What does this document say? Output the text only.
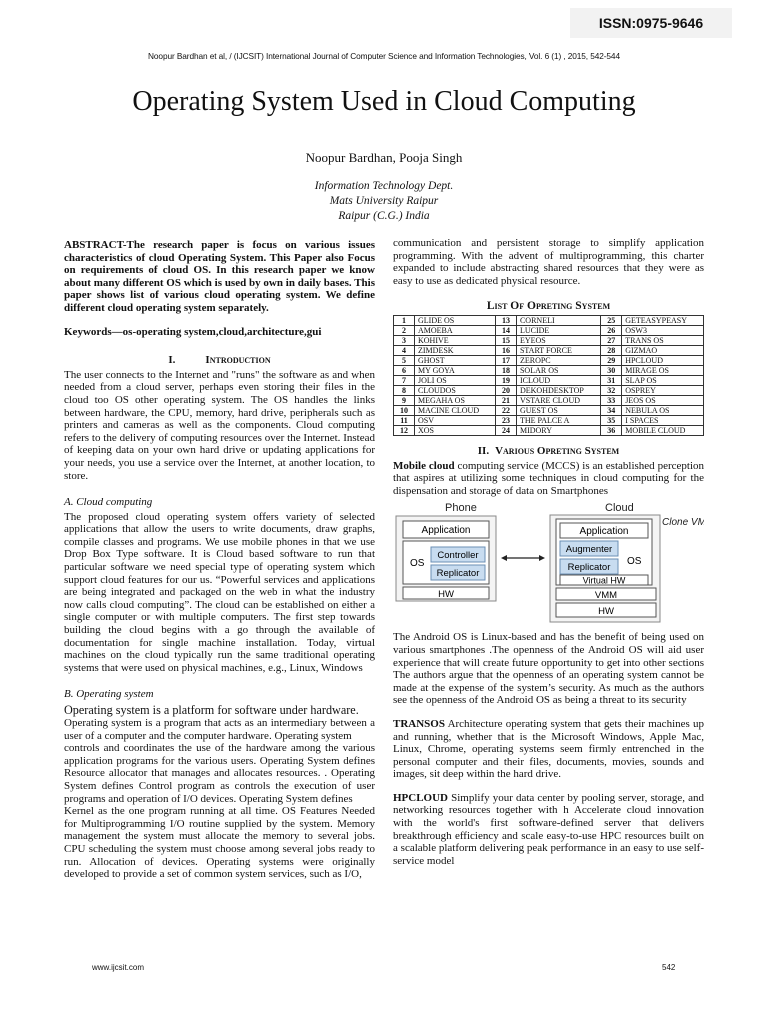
ISSN:0975-9646
Noopur Bardhan et al, / (IJCSIT) International Journal of Computer Science and Information Technologies, Vol. 6 (1) , 2015, 542-544
Operating System Used in Cloud Computing
Noopur Bardhan, Pooja Singh
Information Technology Dept.
Mats University Raipur
Raipur (C.G.) India

ABSTRACT-The research paper is focus on various issues characteristics of cloud Operating System. This Paper also Focus on requirements of cloud OS. In this research paper we know about many different OS which is used by own in daily bases. This paper shows list of various cloud operating system. We define different cloud operating system separately.

Keywords—os-operating system,cloud,architecture,gui

I.	Introduction

The user connects to the Internet and "runs" the software as and when needed from a cloud server, perhaps even storing their files in the cloud too OS other operating system. The OS handles the links between hardware, the CPU, memory, hard drive, peripherals such as printers and cameras as well as the components. Cloud computing refers to the delivery of computing resources over the Internet. Instead of keeping data on your own hard drive or updating applications for your needs, you use a service over the Internet, at another location, to store.

A. Cloud computing

The proposed cloud operating system offers variety of selected applications that allow the users to write documents, draw graphs, compile classes and programs. We use mobile phones in that we use Drop Box Type software. It is Cloud based software to run that particular software we need special type of operating system which support cloud features for our us. “Powerful services and applications are being integrated and packaged on the web in what the industry now calls cloud computing”. The cloud can be established on either a single computer or with multiple computers. The first step towards building the cloud begins with a go through the available of documentation for single machine installation. Today, virtual machines on the cloud typically run the same traditional operating systems that were used on physical machines, e.g., Linux, Windows

B. Operating system

Operating system is a platform for software under hardware.

Operating system is a program that acts as an intermediary between a user of a computer and the computer hardware. Operating system

controls and coordinates the use of the hardware among the various application programs for the various users. Operating System defines Resource allocator that manages and allocates resources. . Operating System defines Control program as controls the execution of user programs and operation of I/O devices. Operating System defines

Kernel as the one program running at all time. OS Features Needed for Multiprogramming I/O routine supplied by the system. Memory management the system must allocate the memory to several jobs. CPU scheduling the system must choose among several jobs ready to run. Allocation of devices. Operating systems were originally developed to provide a set of common system services, such as I/O,

communication and persistent storage to simplify application programming. With the advent of multiprogramming, this charter expanded to include abstracting shared resources that they were as easy to use as dedicated physical resource.

List Of Opreting System
1	GLIDE OS	13	CORNELI	25	GETEASYPEASY
2	AMOEBA	14	LUCIDE	26	OSW3
3	KOHIVE	15	EYEOS	27	TRANS OS
4	ZIMDESK	16	START FORCE	28	GIZMAO
5	GHOST	17	ZEROPC	29	HPCLOUD
6	MY GOYA	18	SOLAR OS	30	MIRAGE OS
7	JOLI OS	19	ICLOUD	31	SLAP OS
8	CLOUDOS	20	DEKOHDESKTOP	32	OSPREY
9	MEGAHA OS	21	VSTARE CLOUD	33	JEOS OS
10	MACINE CLOUD	22	GUEST OS	34	NEBULA OS
11	OSV	23	THE PALCE A	35	I SPACES
12	XOS	24	MIDORY	36	MOBILE CLOUD
II. Various Opreting System

Mobile cloud computing service (MCCS) is an established perception that aspires at utilizing some techniques in cloud computing for the dispensation and storage of data on Smartphones

Phone
Application
OS
Controller
Replicator
HW
Cloud
Clone VM
Application
Augmenter
Replicator
OS
Virtual HW
VMM
HW

The Android OS is Linux-based and has the benefit of being used on various smartphones .The openness of the Android OS will aid user experience that will create future opportunity to get into other sections The authors argue that the openness of an operating system cannot be made at the expense of the system’s security. As much as the authors see the openness of the Android OS as being a threat to its security

TRANSOS Architecture operating system that gets their machines up and running, whether that is the Microsoft Windows, Apple Mac, Linux, Chrome, operating systems seem firmly entrenched in the personal computer and their files, documents, movies, sounds and images, sit deep within the hard drive.

HPCLOUD Simplify your data center by pooling server, storage, and networking resources together with h Accelerate cloud innovation with the world's first software-defined server that delivers breakthrough efficiency and scale easy-to-use HPC resources built on a scalable platform delivering peak performance in an easy to use self-service model

www.ijcsit.com	542
